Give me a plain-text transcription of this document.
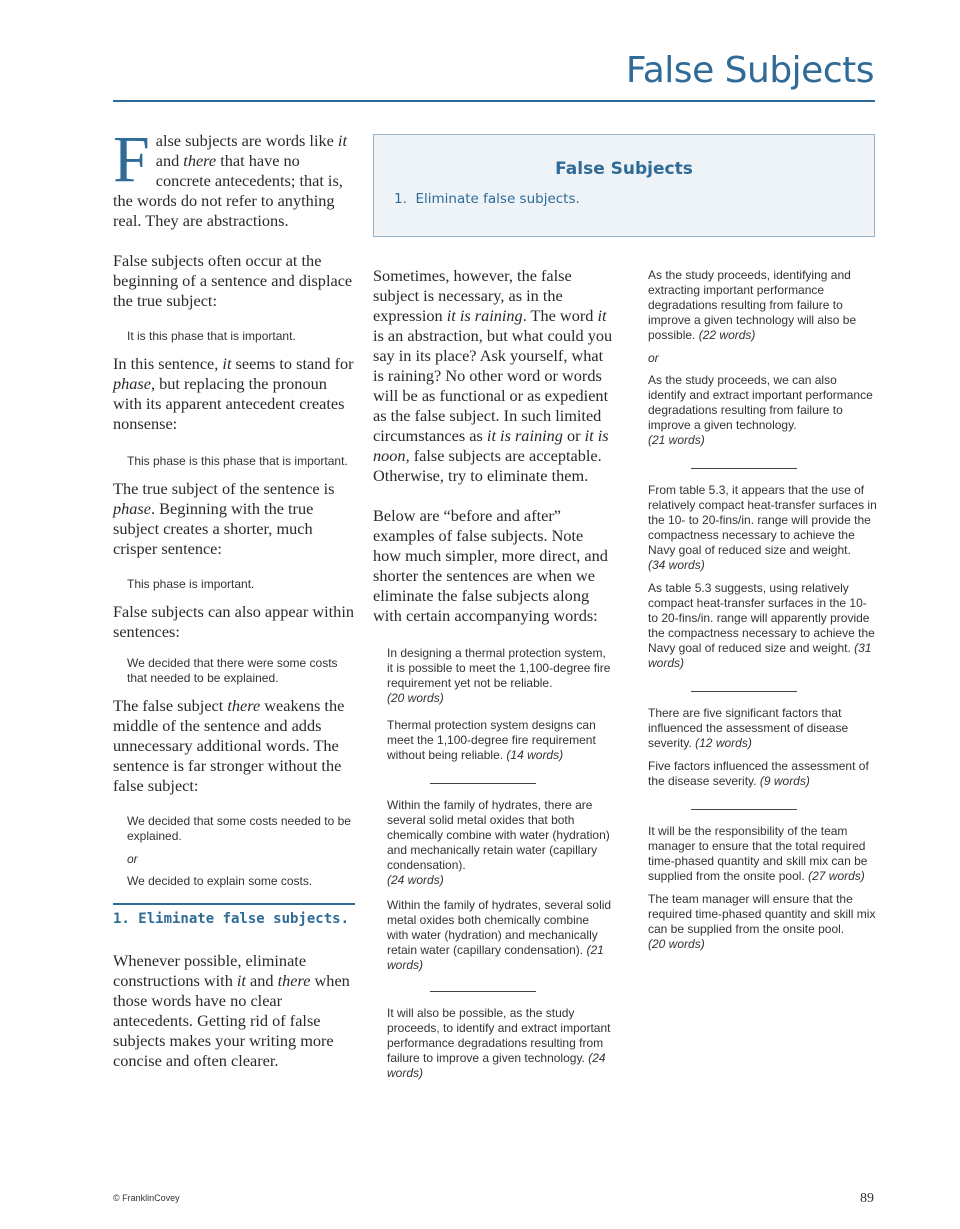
False Subjects

False subjects are words like it and there that have no concrete antecedents; that is, the words do not refer to anything real. They are abstractions.

False subjects often occur at the beginning of a sentence and displace the true subject:

It is this phase that is important.

In this sentence, it seems to stand for phase, but replacing the pronoun with its apparent antecedent creates nonsense:

This phase is this phase that is important.

The true subject of the sentence is phase. Beginning with the true subject creates a shorter, much crisper sentence:

This phase is important.

False subjects can also appear within sentences:

We decided that there were some costs that needed to be explained.

The false subject there weakens the middle of the sentence and adds unnecessary additional words. The sentence is far stronger without the false subject:

We decided that some costs needed to be explained.

or

We decided to explain some costs.

1. Eliminate false subjects.

Whenever possible, eliminate constructions with it and there when those words have no clear antecedents. Getting rid of false subjects makes your writing more concise and often clearer.

False Subjects

1. Eliminate false subjects.

Sometimes, however, the false subject is necessary, as in the expression it is raining. The word it is an abstraction, but what could you say in its place? Ask yourself, what is raining? No other word or words will be as functional or as expedient as the false subject. In such limited circumstances as it is raining or it is noon, false subjects are acceptable. Otherwise, try to eliminate them.

Below are “before and after” examples of false subjects. Note how much simpler, more direct, and shorter the sentences are when we eliminate the false subjects along with certain accompanying words:

In designing a thermal protection system, it is possible to meet the 1,100-degree fire requirement yet not be reliable.
(20 words)

Thermal protection system designs can meet the 1,100-degree fire requirement without being reliable. (14 words)

Within the family of hydrates, there are several solid metal oxides that both chemically combine with water (hydration) and mechanically retain water (capillary condensation).
(24 words)

Within the family of hydrates, several solid metal oxides both chemically combine with water (hydration) and mechanically retain water (capillary condensation). (21 words)

It will also be possible, as the study proceeds, to identify and extract important performance degradations resulting from failure to improve a given technology. (24 words)

As the study proceeds, identifying and extracting important performance degradations resulting from failure to improve a given technology will also be possible. (22 words)

or

As the study proceeds, we can also identify and extract important performance degradations resulting from failure to improve a given technology.
(21 words)

From table 5.3, it appears that the use of relatively compact heat-transfer surfaces in the 10- to 20-fins/in. range will provide the compactness necessary to achieve the Navy goal of reduced size and weight.
(34 words)

As table 5.3 suggests, using relatively compact heat-transfer surfaces in the 10- to 20-fins/in. range will apparently provide the compactness necessary to achieve the Navy goal of reduced size and weight. (31 words)

There are five significant factors that influenced the assessment of disease severity. (12 words)

Five factors influenced the assessment of the disease severity. (9 words)

It will be the responsibility of the team manager to ensure that the total required time-phased quantity and skill mix can be supplied from the onsite pool. (27 words)

The team manager will ensure that the required time-phased quantity and skill mix can be supplied from the onsite pool.
(20 words)

© FranklinCovey	89
